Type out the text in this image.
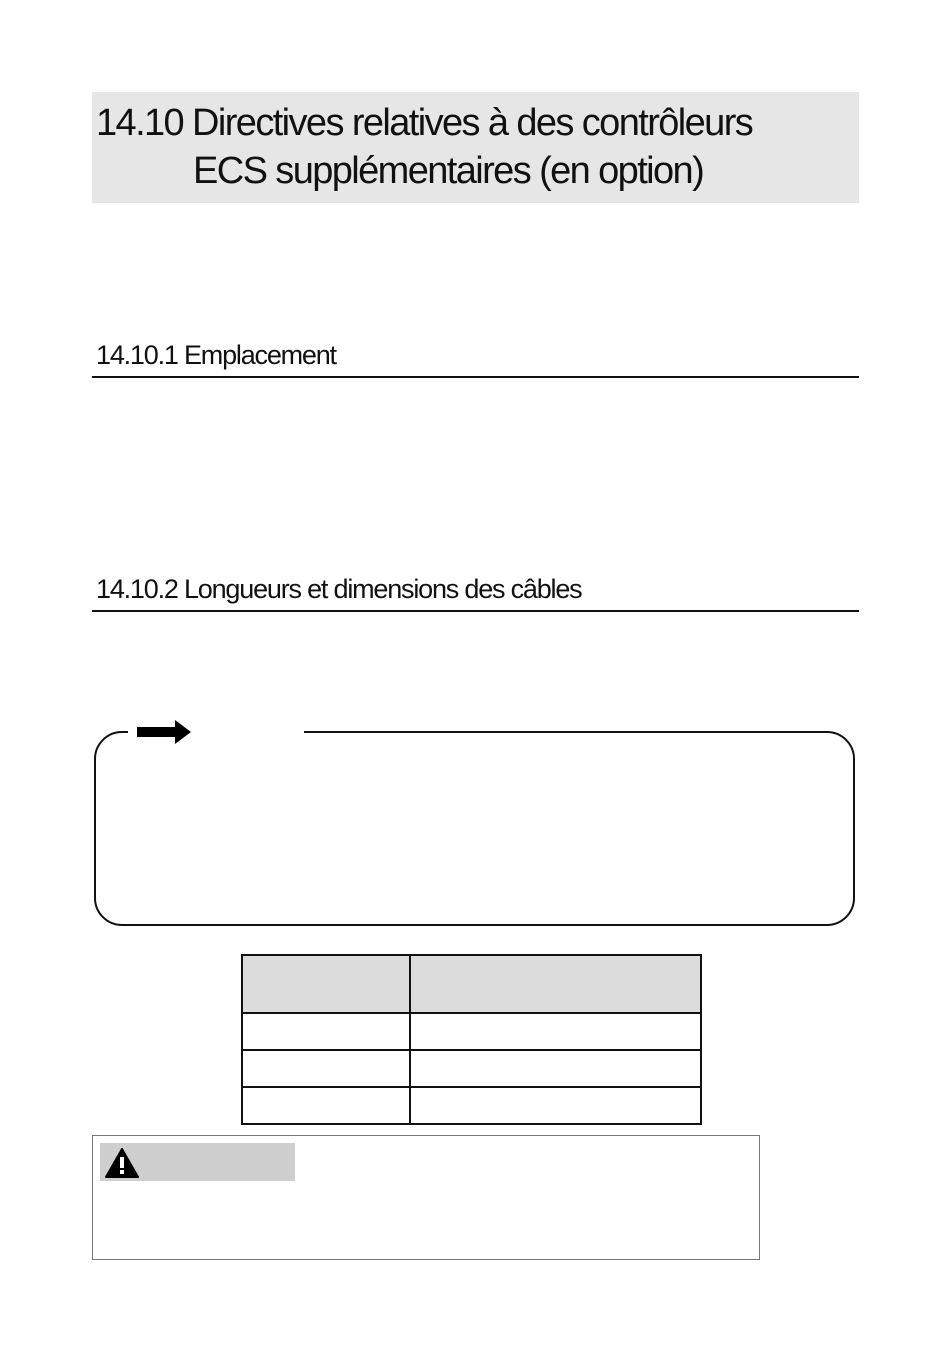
14.10 Directives relatives à des contrôleurs
ECS supplémentaires (en option)
14.10.1 Emplacement
14.10.2 Longueurs et dimensions des câbles
